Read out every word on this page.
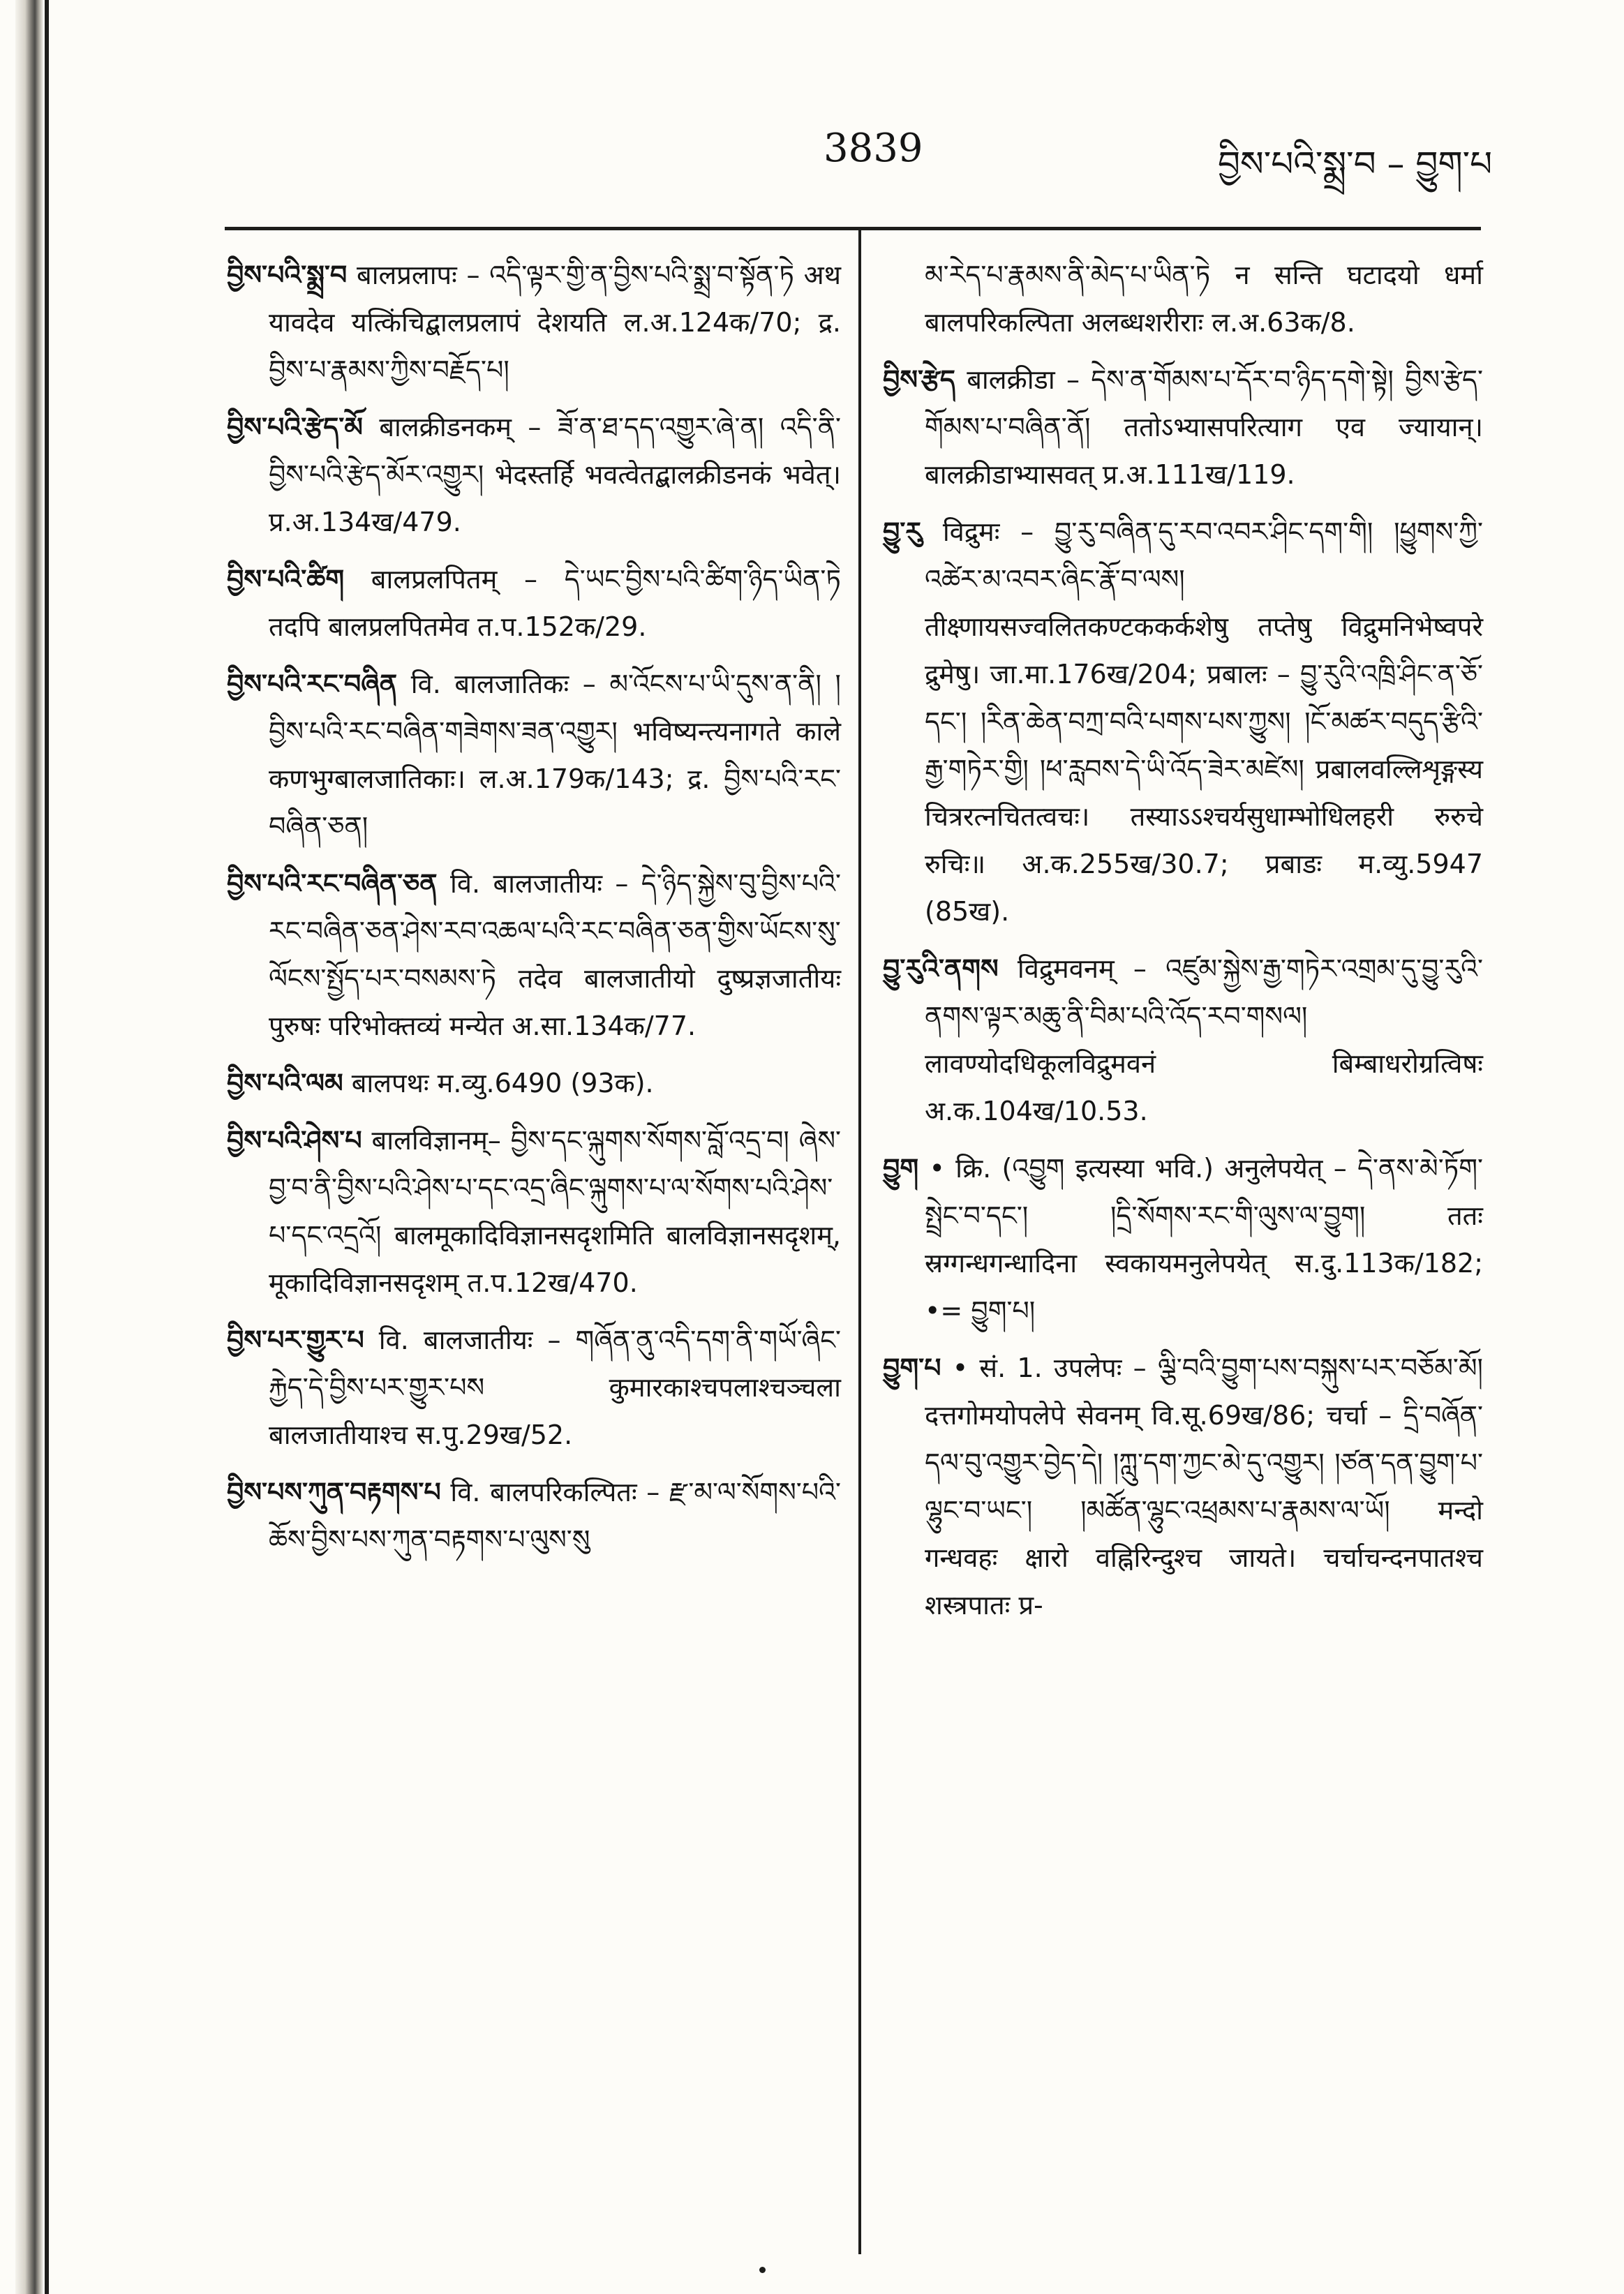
3839	བྱིས་པའི་སྨྲ་བ – བྱུག་པ

བྱིས་པའི་སྨྲ་བ बालप्रलापः – འདི་ལྟར་གྱི་ན་བྱིས་པའི་སྨྲ་བ་སྟོན་ཏེ अथ यावदेव यत्किंचिद्बालप्रलापं देशयति ल.अ.124क/70; द्र. བྱིས་པ་རྣམས་ཀྱིས་བརྗོད་པ།

བྱིས་པའི་རྩེད་མོ बालक्रीडनकम् – ཟོ་ན་ཐ་དད་འགྱུར་ཞེ་ན། འདི་ནི་བྱིས་པའི་རྩེད་མོར་འགྱུར། भेदस्तर्हि भवत्वेतद्बालक्रीडनकं भवेत्। प्र.अ.134ख/479.

བྱིས་པའི་ཚིག बालप्रलपितम् – དེ་ཡང་བྱིས་པའི་ཚིག་ཉིད་ཡིན་ཏེ तदपि बालप्रलपितमेव त.प.152क/29.

བྱིས་པའི་རང་བཞིན वि. बालजातिकः – མ་འོངས་པ་ཡི་དུས་ན་ནི། །བྱིས་པའི་རང་བཞིན་གཟེགས་ཟན་འགྱུར། भविष्यन्त्यनागते काले कणभुग्बालजातिकाः। ल.अ.179क/143; द्र. བྱིས་པའི་རང་བཞིན་ཅན།

བྱིས་པའི་རང་བཞིན་ཅན वि. बालजातीयः – དེ་ཉིད་སྐྱེས་བུ་བྱིས་པའི་རང་བཞིན་ཅན་ཤེས་རབ་འཆལ་པའི་རང་བཞིན་ཅན་གྱིས་ཡོངས་སུ་ལོངས་སྤྱོད་པར་བསམས་ཏེ तदेव बालजातीयो दुष्प्रज्ञजातीयः पुरुषः परिभोक्तव्यं मन्येत अ.सा.134क/77.

བྱིས་པའི་ལམ बालपथः म.व्यु.6490 (93क).

བྱིས་པའི་ཤེས་པ बालविज्ञानम्– བྱིས་དང་ལྐུགས་སོགས་བློ་འདྲ་བ། ཞེས་བྱ་བ་ནི་བྱིས་པའི་ཤེས་པ་དང་འདྲ་ཞིང་ལྐུགས་པ་ལ་སོགས་པའི་ཤེས་པ་དང་འདྲའོ། बालमूकादिविज्ञानसदृशमिति बालविज्ञानसदृशम्, मूकादिविज्ञानसदृशम् त.प.12ख/470.

བྱིས་པར་གྱུར་པ वि. बालजातीयः – གཞོན་ནུ་འདི་དག་ནི་གཡོ་ཞིང་རྐྱེད་དེ་བྱིས་པར་གྱུར་པས कुमारकाश्चपलाश्चञ्चला बालजातीयाश्च स.पु.29ख/52.

བྱིས་པས་ཀུན་བརྟགས་པ वि. बालपरिकल्पितः – རྫ་མ་ལ་སོགས་པའི་ཆོས་བྱིས་པས་ཀུན་བརྟགས་པ་ལུས་སུ

མ་རེད་པ་རྣམས་ནི་མེད་པ་ཡིན་ཏེ न सन्ति घटादयो धर्मा बालपरिकल्पिता अलब्धशरीराः ल.अ.63क/8.

བྱིས་རྩེད बालक्रीडा – དེས་ན་གོམས་པ་དོར་བ་ཉིད་དགེ་སྟེ། བྱིས་རྩེད་གོམས་པ་བཞིན་ནོ། ततोऽभ्यासपरित्याग एव ज्यायान्। बालक्रीडाभ्यासवत् प्र.अ.111ख/119.

བྱུ་རུ विद्रुमः – བྱུ་རུ་བཞིན་དུ་རབ་འབར་ཤིང་དག་གི། །ཕྱུགས་ཀྱི་འཚེར་མ་འབར་ཞིང་རྣོ་བ་ལས། तीक्ष्णायसज्वलितकण्टककर्कशेषु तप्तेषु विद्रुमनिभेष्वपरे द्रुमेषु। जा.मा.176ख/204; प्रबालः – བྱུ་རུའི་འཁྲི་ཤིང་ན་ཅོ་དང་། །རིན་ཆེན་བཀྲ་བའི་པགས་པས་ཀྱུས། །ངོ་མཚར་བདུད་རྩིའི་རྒྱ་གཏེར་གྱི། །ཕ་རླབས་དེ་ཡི་འོད་ཟེར་མཛེས། प्रबालवल्लिशृङ्गस्य चित्ररत्नचितत्वचः। तस्याऽऽश्चर्यसुधाम्भोधिलहरी रुरुचे रुचिः॥ अ.क.255ख/30.7; प्रबाडः म.व्यु.5947 (85ख).

བྱུ་རུའི་ནགས विद्रुमवनम् – འཛུམ་སྐྱེས་རྒྱ་གཏེར་འགྲམ་དུ་བྱུ་རུའི་ནགས་ལྟར་མཆུ་ནི་བིམ་པའི་འོད་རབ་གསལ། लावण्योदधिकूलविद्रुमवनं बिम्बाधरोग्रत्विषः अ.क.104ख/10.53.

བྱུག • क्रि. (འབྱུག इत्यस्या भवि.) अनुलेपयेत् – དེ་ནས་མེ་ཏོག་སྤྲེང་བ་དང་། །དྲི་སོགས་རང་གི་ལུས་ལ་བྱུག། ततः स्रग्गन्धगन्धादिना स्वकायमनुलेपयेत् स.दु.113क/182; •= བྱུག་པ།

བྱུག་པ • सं. 1. उपलेपः – ལྕི་བའི་བྱུག་པས་བསྐུས་པར་བཅོམ་མོ། दत्तगोमयोपलेपे सेवनम् वि.सू.69ख/86; चर्चा – དྲི་བཞོན་དལ་བུ་འགྱུར་བྱེད་དེ། །ཀླུ་དག་ཀྱང་མེ་དུ་འགྱུར། །ཙན་དན་བྱུག་པ་ལྷུང་བ་ཡང་། །མཚོན་ལྷུང་འཕྲམས་པ་རྣམས་ལ་ཡོ། मन्दो गन्धवहः क्षारो वह्निरिन्दुश्च जायते। चर्चाचन्दनपातश्च शस्त्रपातः प्र-
